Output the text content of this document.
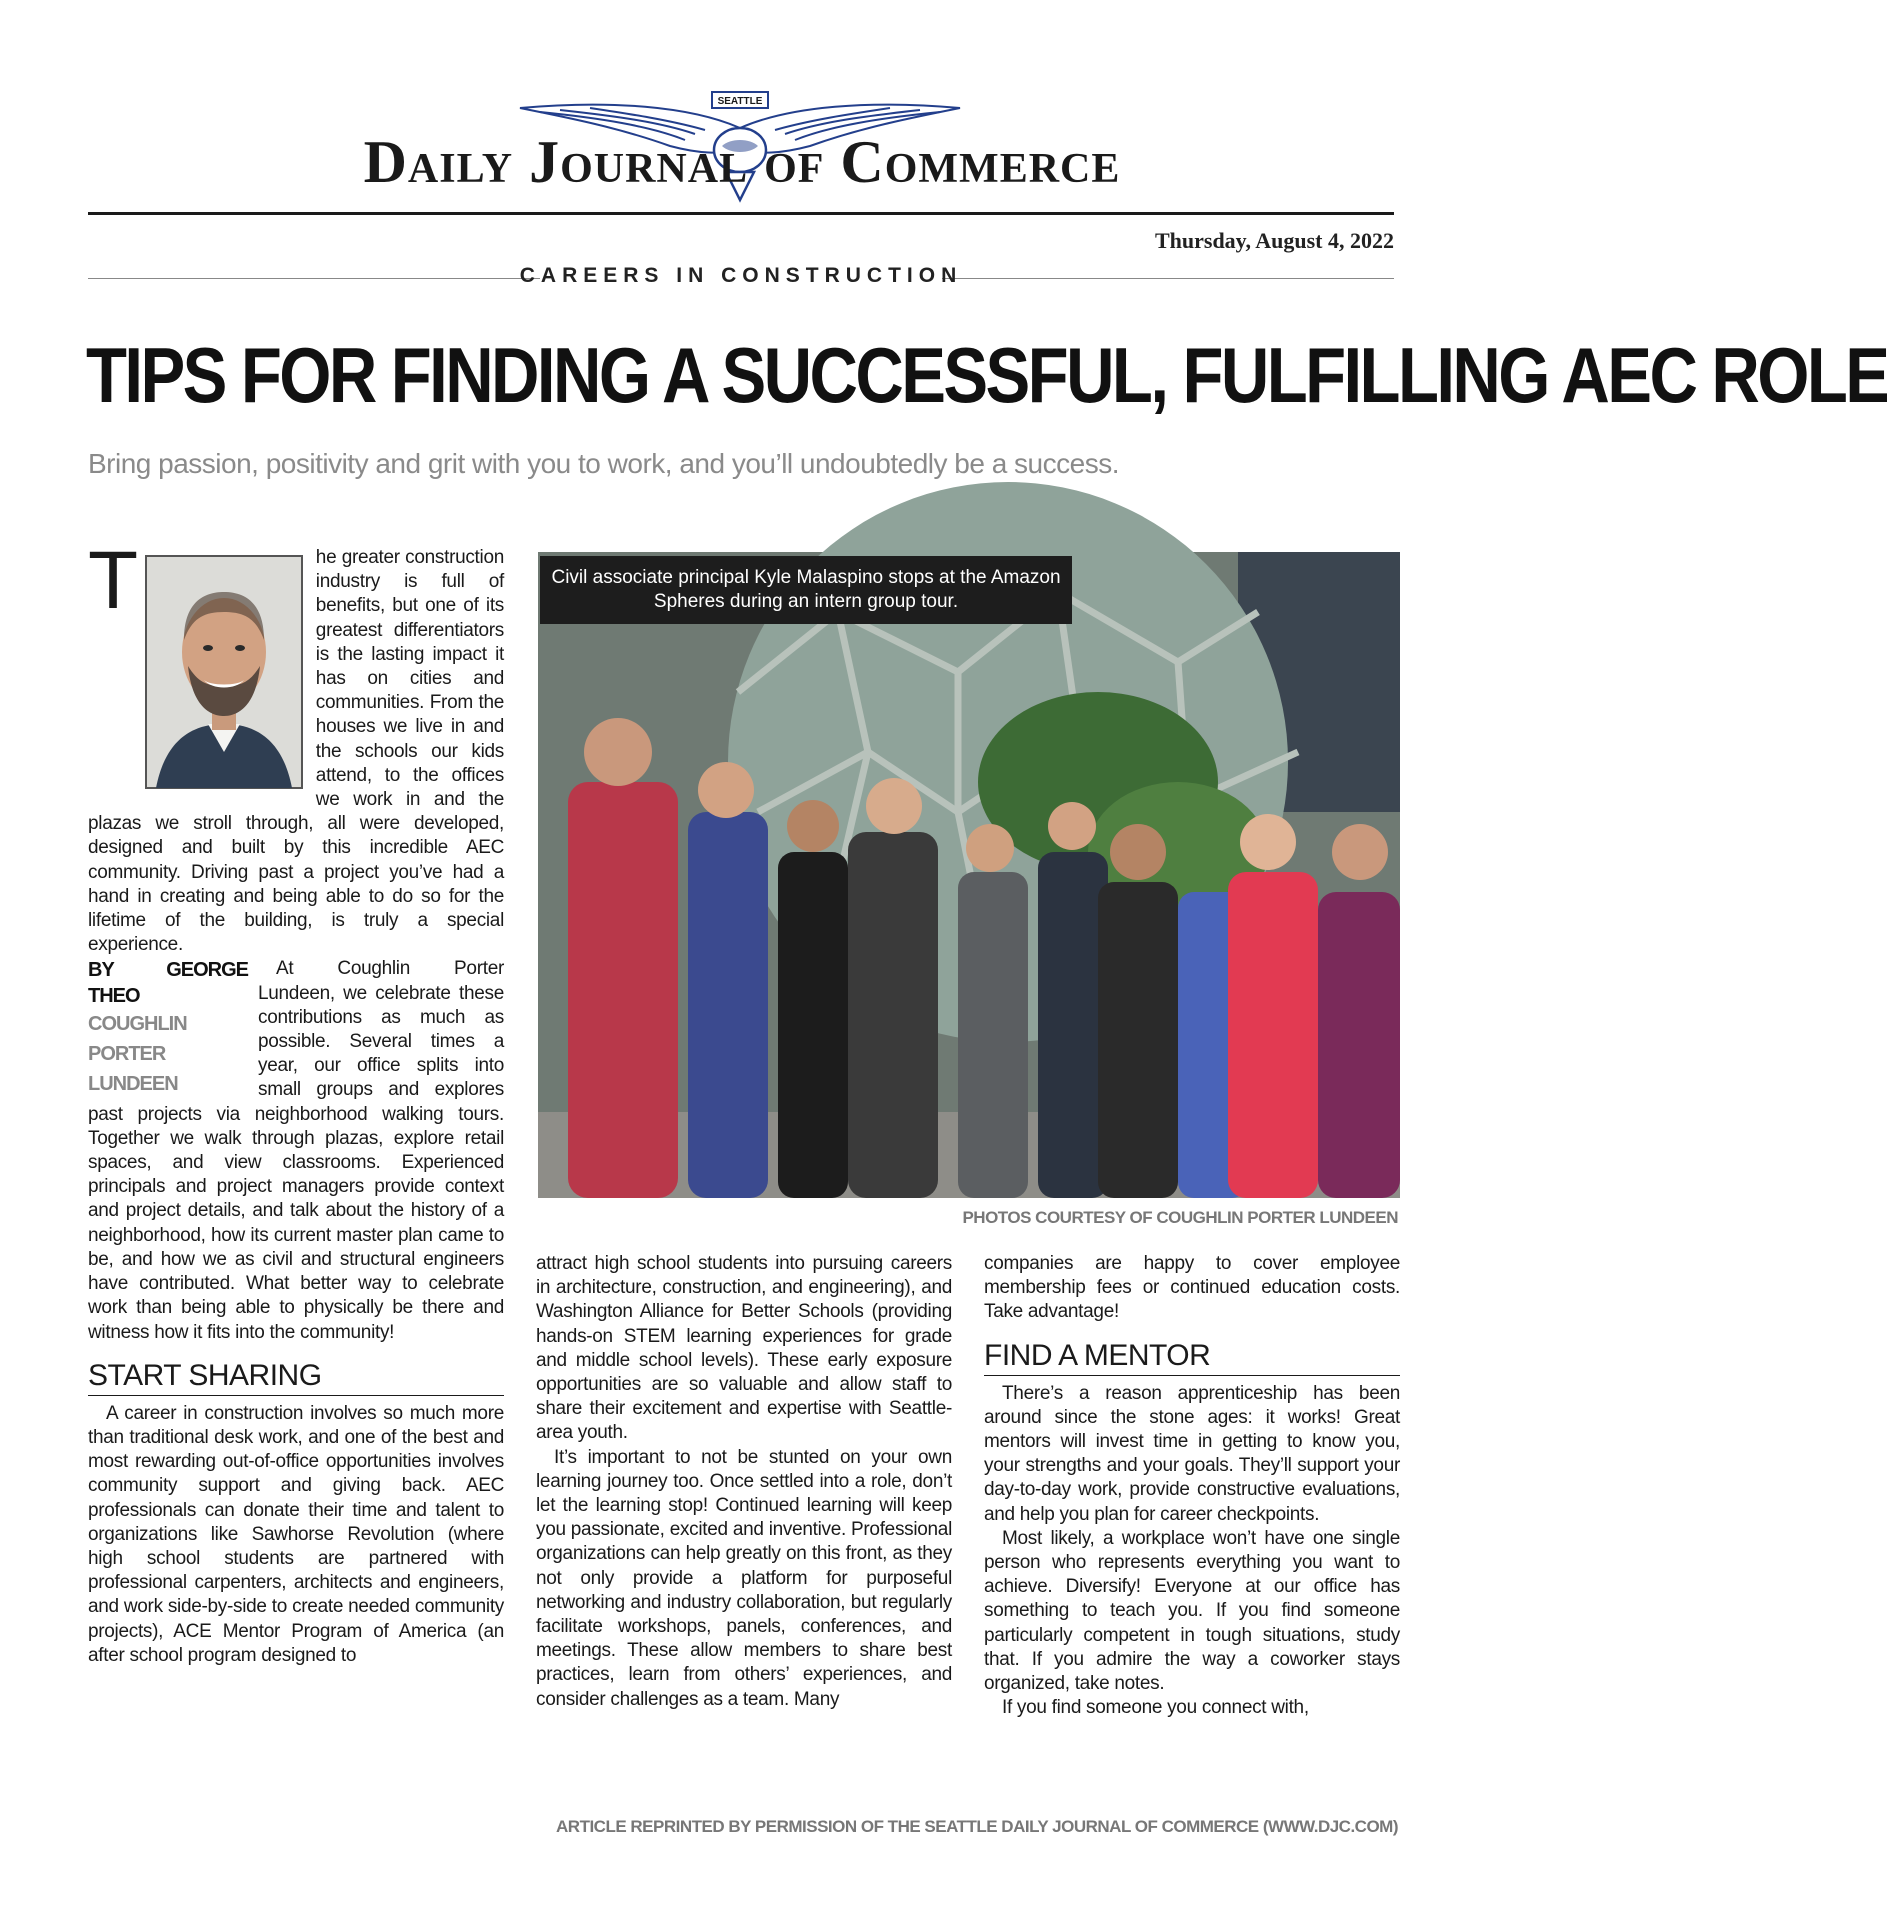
SEATTLE
Daily Journal of Commerce
Thursday, August 4, 2022
CAREERS IN CONSTRUCTION
TIPS FOR FINDING A SUCCESSFUL, FULFILLING AEC ROLE
Bring passion, positivity and grit with you to work, and you’ll undoubtedly be a success.

T	he greater construction industry is full of benefits, but one of its greatest differentiators is the lasting impact it has on cities and communities. From the houses we live in and the schools our kids attend, to the offices we work in and the plazas we stroll through, all were developed, designed and built by this incredible AEC community. Driving past a project you’ve had a hand in creating and being able to do so for the lifetime of the building, is truly a special experience.

BY GEORGE THEO
COUGHLIN PORTER LUNDEEN

At Coughlin Porter Lundeen, we celebrate these contributions as much as possible. Several times a year, our office splits into small groups and explores past projects via neighborhood walking tours. Together we walk through plazas, explore retail spaces, and view classrooms. Experienced principals and project managers provide context and project details, and talk about the history of a neighborhood, how its current master plan came to be, and how we as civil and structural engineers have contributed. What better way to celebrate work than being able to physically be there and witness how it fits into the community!

START SHARING

A career in construction involves so much more than traditional desk work, and one of the best and most rewarding out-of-office opportunities involves community support and giving back. AEC professionals can donate their time and talent to organizations like Sawhorse Revolution (where high school students are partnered with professional carpenters, architects and engineers, and work side-by-side to create needed community projects), ACE Mentor Program of America (an after school program designed to

Civil associate principal Kyle Malaspino stops at the Amazon Spheres during an intern group tour.
PHOTOS COURTESY OF COUGHLIN PORTER LUNDEEN

attract high school students into pursuing careers in architecture, construction, and engineering), and Washington Alliance for Better Schools (providing hands-on STEM learning experiences for grade and middle school levels). These early exposure opportunities are so valuable and allow staff to share their excitement and expertise with Seattle-area youth.

It’s important to not be stunted on your own learning journey too. Once settled into a role, don’t let the learning stop! Continued learning will keep you passionate, excited and inventive. Professional organizations can help greatly on this front, as they not only provide a platform for purposeful networking and industry collaboration, but regularly facilitate workshops, panels, conferences, and meetings. These allow members to share best practices, learn from others’ experiences, and consider challenges as a team. Many

companies are happy to cover employee membership fees or continued education costs. Take advantage!

FIND A MENTOR

There’s a reason apprenticeship has been around since the stone ages: it works! Great mentors will invest time in getting to know you, your strengths and your goals. They’ll support your day-to-day work, provide constructive evaluations, and help you plan for career checkpoints.

Most likely, a workplace won’t have one single person who represents everything you want to achieve. Diversify! Everyone at our office has something to teach you. If you find someone particularly competent in tough situations, study that. If you admire the way a coworker stays organized, take notes.

If you find someone you connect with,

ARTICLE REPRINTED BY PERMISSION OF THE SEATTLE DAILY JOURNAL OF COMMERCE (WWW.DJC.COM)
